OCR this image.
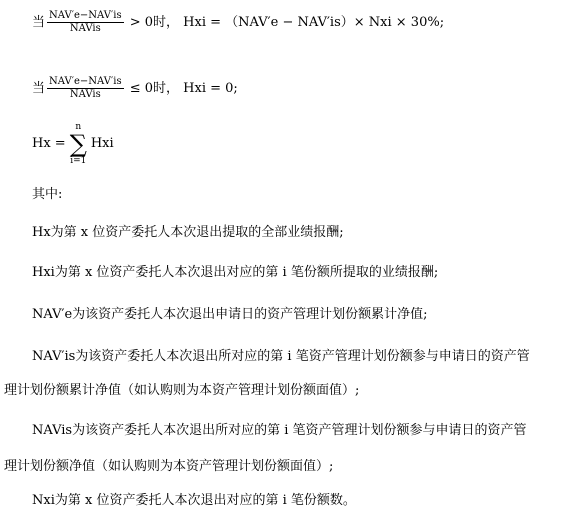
当 $\frac{\text{NAV′e−NAV′is}}{\text{NAVis}} > 0$时， Hxi = （NAV′e − NAV′is）× Nxi × 30%;
当 $\frac{\text{NAV′e−NAV′is}}{\text{NAVis}} \le 0$时， Hxi = 0;
Hx =
n
∑
i=1
Hxi
其中:
Hx为第 x 位资产委托人本次退出提取的全部业绩报酬;
Hxi为第 x 位资产委托人本次退出对应的第 i 笔份额所提取的业绩报酬;
NAV′e为该资产委托人本次退出申请日的资产管理计划份额累计净值;
NAV′is为该资产委托人本次退出所对应的第 i 笔资产管理计划份额参与申请日的资产管
理计划份额累计净值（如认购则为本资产管理计划份额面值）;
NAVis为该资产委托人本次退出所对应的第 i 笔资产管理计划份额参与申请日的资产管
理计划份额净值（如认购则为本资产管理计划份额面值）;
Nxi为第 x 位资产委托人本次退出对应的第 i 笔份额数。
